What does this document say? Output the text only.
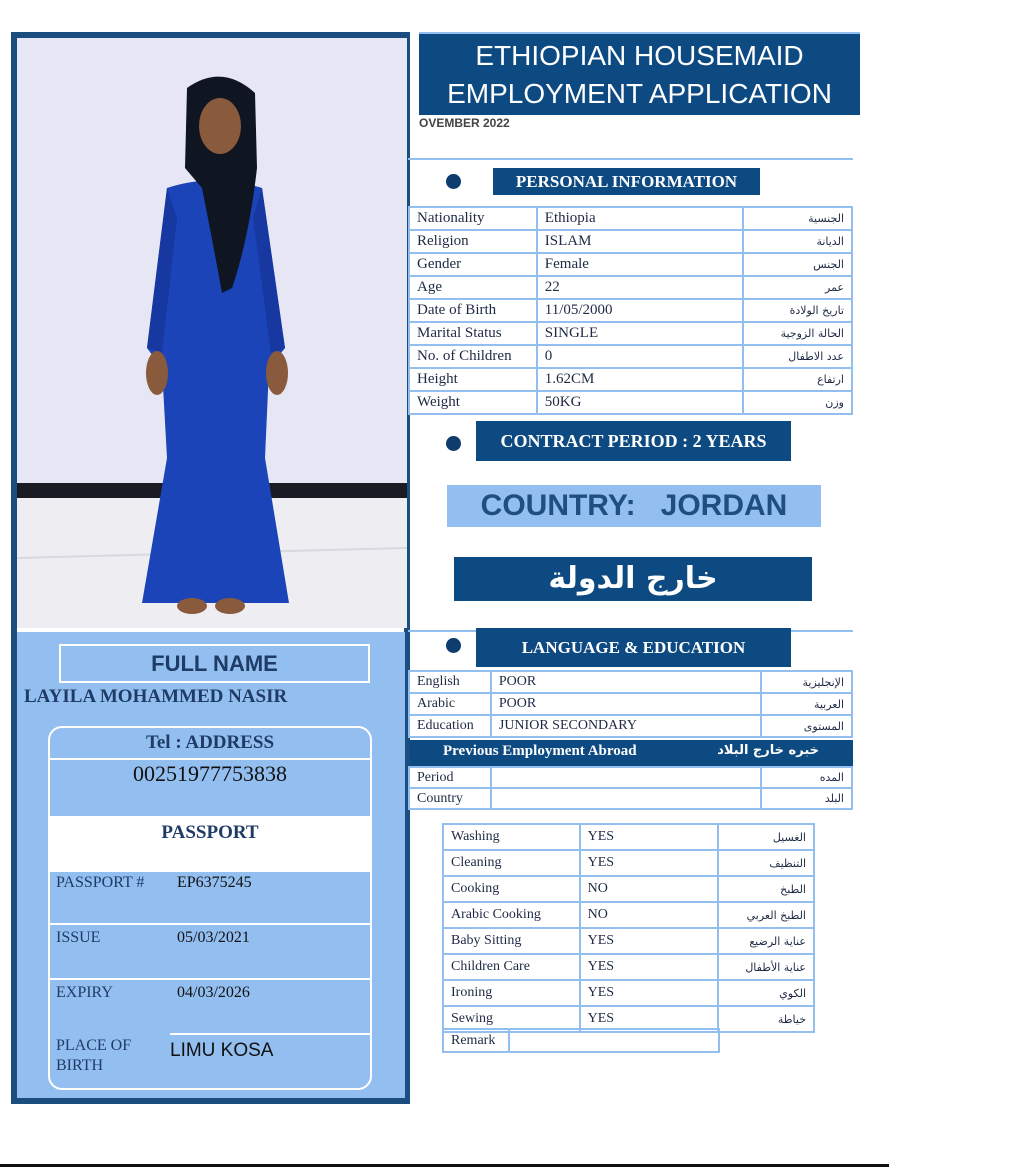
FULL NAME
LAYILA MOHAMMED NASIR
Tel : ADDRESS
00251977753838
PASSPORT
PASSPORT # EP6375245
ISSUE	05/03/2021
EXPIRY	04/03/2026
PLACE OF
BIRTH
LIMU KOSA
ETHIOPIAN HOUSEMAID
EMPLOYMENT APPLICATION
OVEMBER 2022
PERSONAL INFORMATION
Nationality	Ethiopia	الجنسية
Religion	ISLAM	الديانة
Gender	Female	الجنس
Age	22	عمر
Date of Birth	11/05/2000	تاريخ الولادة
Marital Status	SINGLE	الحالة الزوجية
No. of Children	0	عدد الاطفال
Height	1.62CM	ارتفاع
Weight	50KG	وزن
CONTRACT PERIOD : 2 YEARS
COUNTRY: JORDAN
خارج الدولة
LANGUAGE & EDUCATION
English	POOR	الإنجليزية
Arabic	POOR	العربية
Education	JUNIOR SECONDARY	المستوى
Previous Employment Abroad	خبره خارج البلاد
Period		المده
Country		البلد
Washing	YES	الغسيل
Cleaning	YES	التنظيف
Cooking	NO	الطبخ
Arabic Cooking	NO	الطبخ العربي
Baby Sitting	YES	عناية الرضيع
Children Care	YES	عناية الأطفال
Ironing	YES	الكوي
Sewing	YES	خياطة
Remark	
